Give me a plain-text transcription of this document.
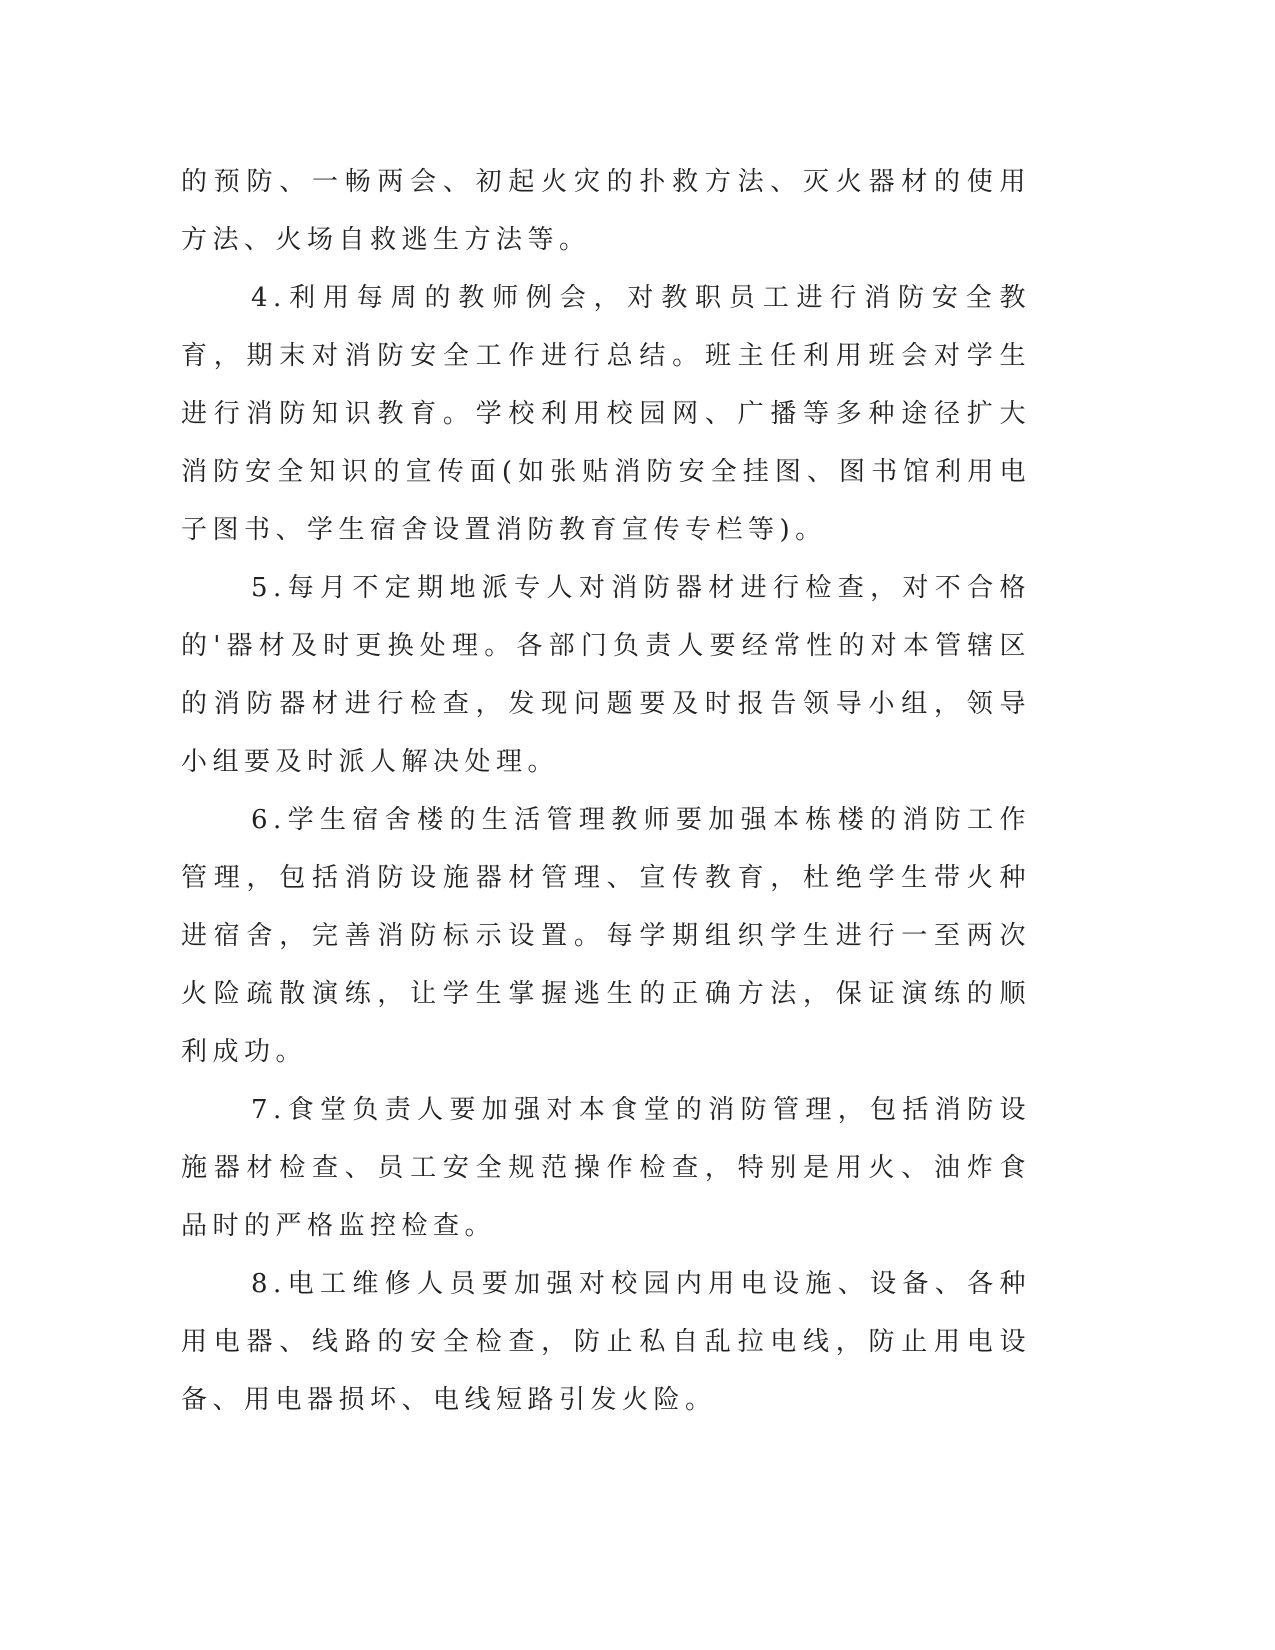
的预防、一畅两会、初起火灾的扑救方法、灭火器材的使用方法、火场自救逃生方法等。

4.利用每周的教师例会，对教职员工进行消防安全教育，期末对消防安全工作进行总结。班主任利用班会对学生进行消防知识教育。学校利用校园网、广播等多种途径扩大消防安全知识的宣传面(如张贴消防安全挂图、图书馆利用电子图书、学生宿舍设置消防教育宣传专栏等)。

5.每月不定期地派专人对消防器材进行检查，对不合格的'器材及时更换处理。各部门负责人要经常性的对本管辖区的消防器材进行检查，发现问题要及时报告领导小组，领导小组要及时派人解决处理。

6.学生宿舍楼的生活管理教师要加强本栋楼的消防工作管理，包括消防设施器材管理、宣传教育，杜绝学生带火种进宿舍，完善消防标示设置。每学期组织学生进行一至两次火险疏散演练，让学生掌握逃生的正确方法，保证演练的顺利成功。

7.食堂负责人要加强对本食堂的消防管理，包括消防设施器材检查、员工安全规范操作检查，特别是用火、油炸食品时的严格监控检查。

8.电工维修人员要加强对校园内用电设施、设备、各种用电器、线路的安全检查，防止私自乱拉电线，防止用电设备、用电器损坏、电线短路引发火险。
